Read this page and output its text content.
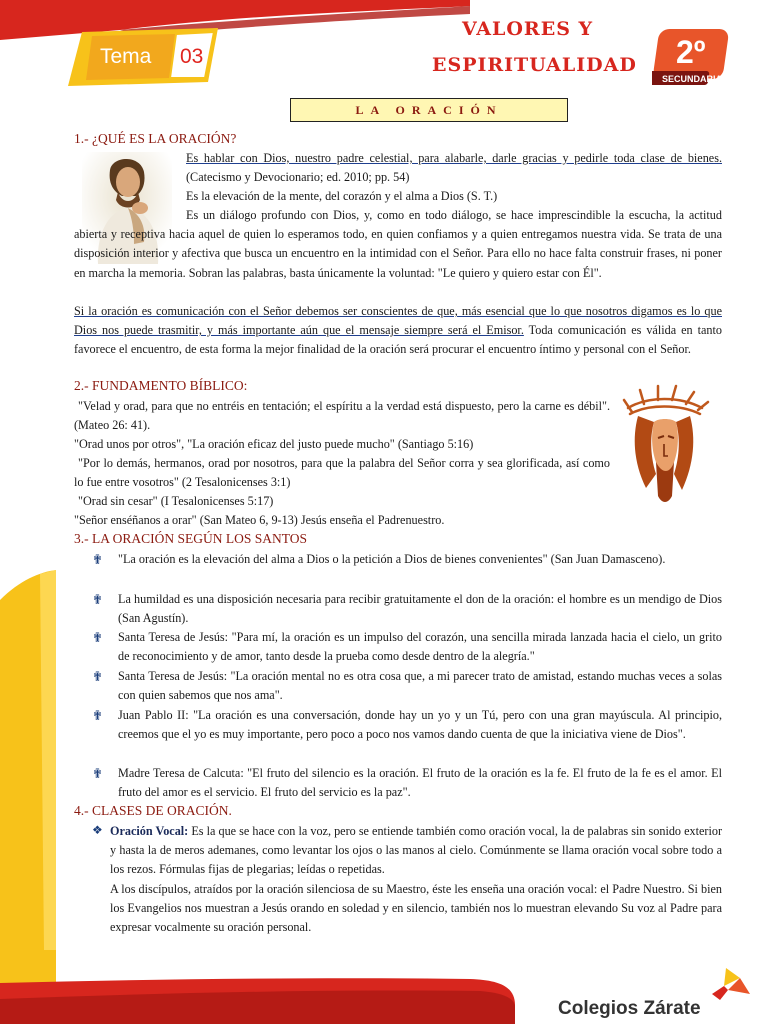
Tema 03
VALORES Y
ESPIRITUALIDAD 2º
SECUNDARIA
LA ORACIÓN
Colegios Zárate
1.- ¿QUÉ ES LA ORACIÓN?
Es hablar con Dios, nuestro padre celestial, para alabarle, darle gracias y pedirle toda clase de bienes. (Catecismo y Devocionario; ed. 2010; pp. 54)
Es la elevación de la mente, del corazón y el alma a Dios (S. T.)
Es un diálogo profundo con Dios, y, como en todo diálogo, se hace imprescindible la escucha, la actitud abierta y receptiva hacia aquel de quien lo esperamos todo, en quien confiamos y a quien entregamos nuestra vida. Se trata de una disposición interior y afectiva que busca un encuentro en la intimidad con el Señor. Para ello no hace falta construir frases, ni poner en marcha la memoria. Sobran las palabras, basta únicamente la voluntad: "Le quiero y quiero estar con Él".
Si la oración es comunicación con el Señor debemos ser conscientes de que, más esencial que lo que nosotros digamos es lo que Dios nos puede trasmitir, y más importante aún que el mensaje siempre será el Emisor. Toda comunicación es válida en tanto favorece el encuentro, de esta forma la mejor finalidad de la oración será procurar el encuentro íntimo y personal con el Señor.
2.- FUNDAMENTO BÍBLICO:
"Velad y orad, para que no entréis en tentación; el espíritu a la verdad está dispuesto, pero la carne es débil". (Mateo 26: 41).
"Orad unos por otros", "La oración eficaz del justo puede mucho" (Santiago 5:16)
"Por lo demás, hermanos, orad por nosotros, para que la palabra del Señor corra y sea glorificada, así como lo fue entre vosotros" (2 Tesalonicenses 3:1)
"Orad sin cesar" (I Tesalonicenses 5:17)
"Señor enséñanos a orar" (San Mateo 6, 9-13) Jesús enseña el Padrenuestro.
3.- LA ORACIÓN SEGÚN LOS SANTOS
✟ "La oración es la elevación del alma a Dios o la petición a Dios de bienes convenientes" (San Juan Damasceno).
✟ La humildad es una disposición necesaria para recibir gratuitamente el don de la oración: el hombre es un mendigo de Dios (San Agustín).
✟ Santa Teresa de Jesús: "Para mí, la oración es un impulso del corazón, una sencilla mirada lanzada hacia el cielo, un grito de reconocimiento y de amor, tanto desde la prueba como desde dentro de la alegría."
✟ Santa Teresa de Jesús: "La oración mental no es otra cosa que, a mi parecer trato de amistad, estando muchas veces a solas con quien sabemos que nos ama".
✟ Juan Pablo II: "La oración es una conversación, donde hay un yo y un Tú, pero con una gran mayúscula. Al principio, creemos que el yo es muy importante, pero poco a poco nos vamos dando cuenta de que la iniciativa viene de Dios".
✟ Madre Teresa de Calcuta: "El fruto del silencio es la oración. El fruto de la oración es la fe. El fruto de la fe es el amor. El fruto del amor es el servicio. El fruto del servicio es la paz".
4.- CLASES DE ORACIÓN.
❖ Oración Vocal: Es la que se hace con la voz, pero se entiende también como oración vocal, la de palabras sin sonido exterior y hasta la de meros ademanes, como levantar los ojos o las manos al cielo. Comúnmente se llama oración vocal sobre todo a los rezos. Fórmulas fijas de plegarias; leídas o repetidas.
A los discípulos, atraídos por la oración silenciosa de su Maestro, éste les enseña una oración vocal: el Padre Nuestro. Si bien los Evangelios nos muestran a Jesús orando en soledad y en silencio, también nos lo muestran elevando Su voz al Padre para expresar vocalmente su oración personal.
